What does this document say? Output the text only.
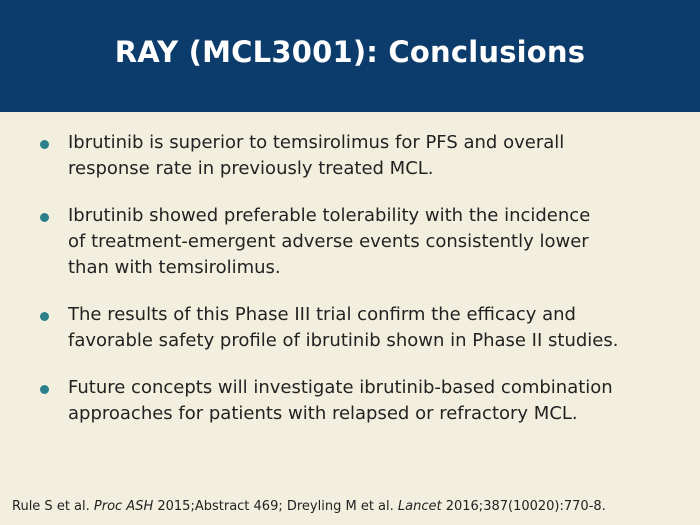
RAY (MCL3001): Conclusions
Ibrutinib is superior to temsirolimus for PFS and overall
response rate in previously treated MCL.
Ibrutinib showed preferable tolerability with the incidence
of treatment-emergent adverse events consistently lower
than with temsirolimus.
The results of this Phase III trial confirm the efficacy and
favorable safety profile of ibrutinib shown in Phase II studies.
Future concepts will investigate ibrutinib-based combination
approaches for patients with relapsed or refractory MCL.
Rule S et al. Proc ASH 2015;Abstract 469; Dreyling M et al. Lancet 2016;387(10020):770-8.
